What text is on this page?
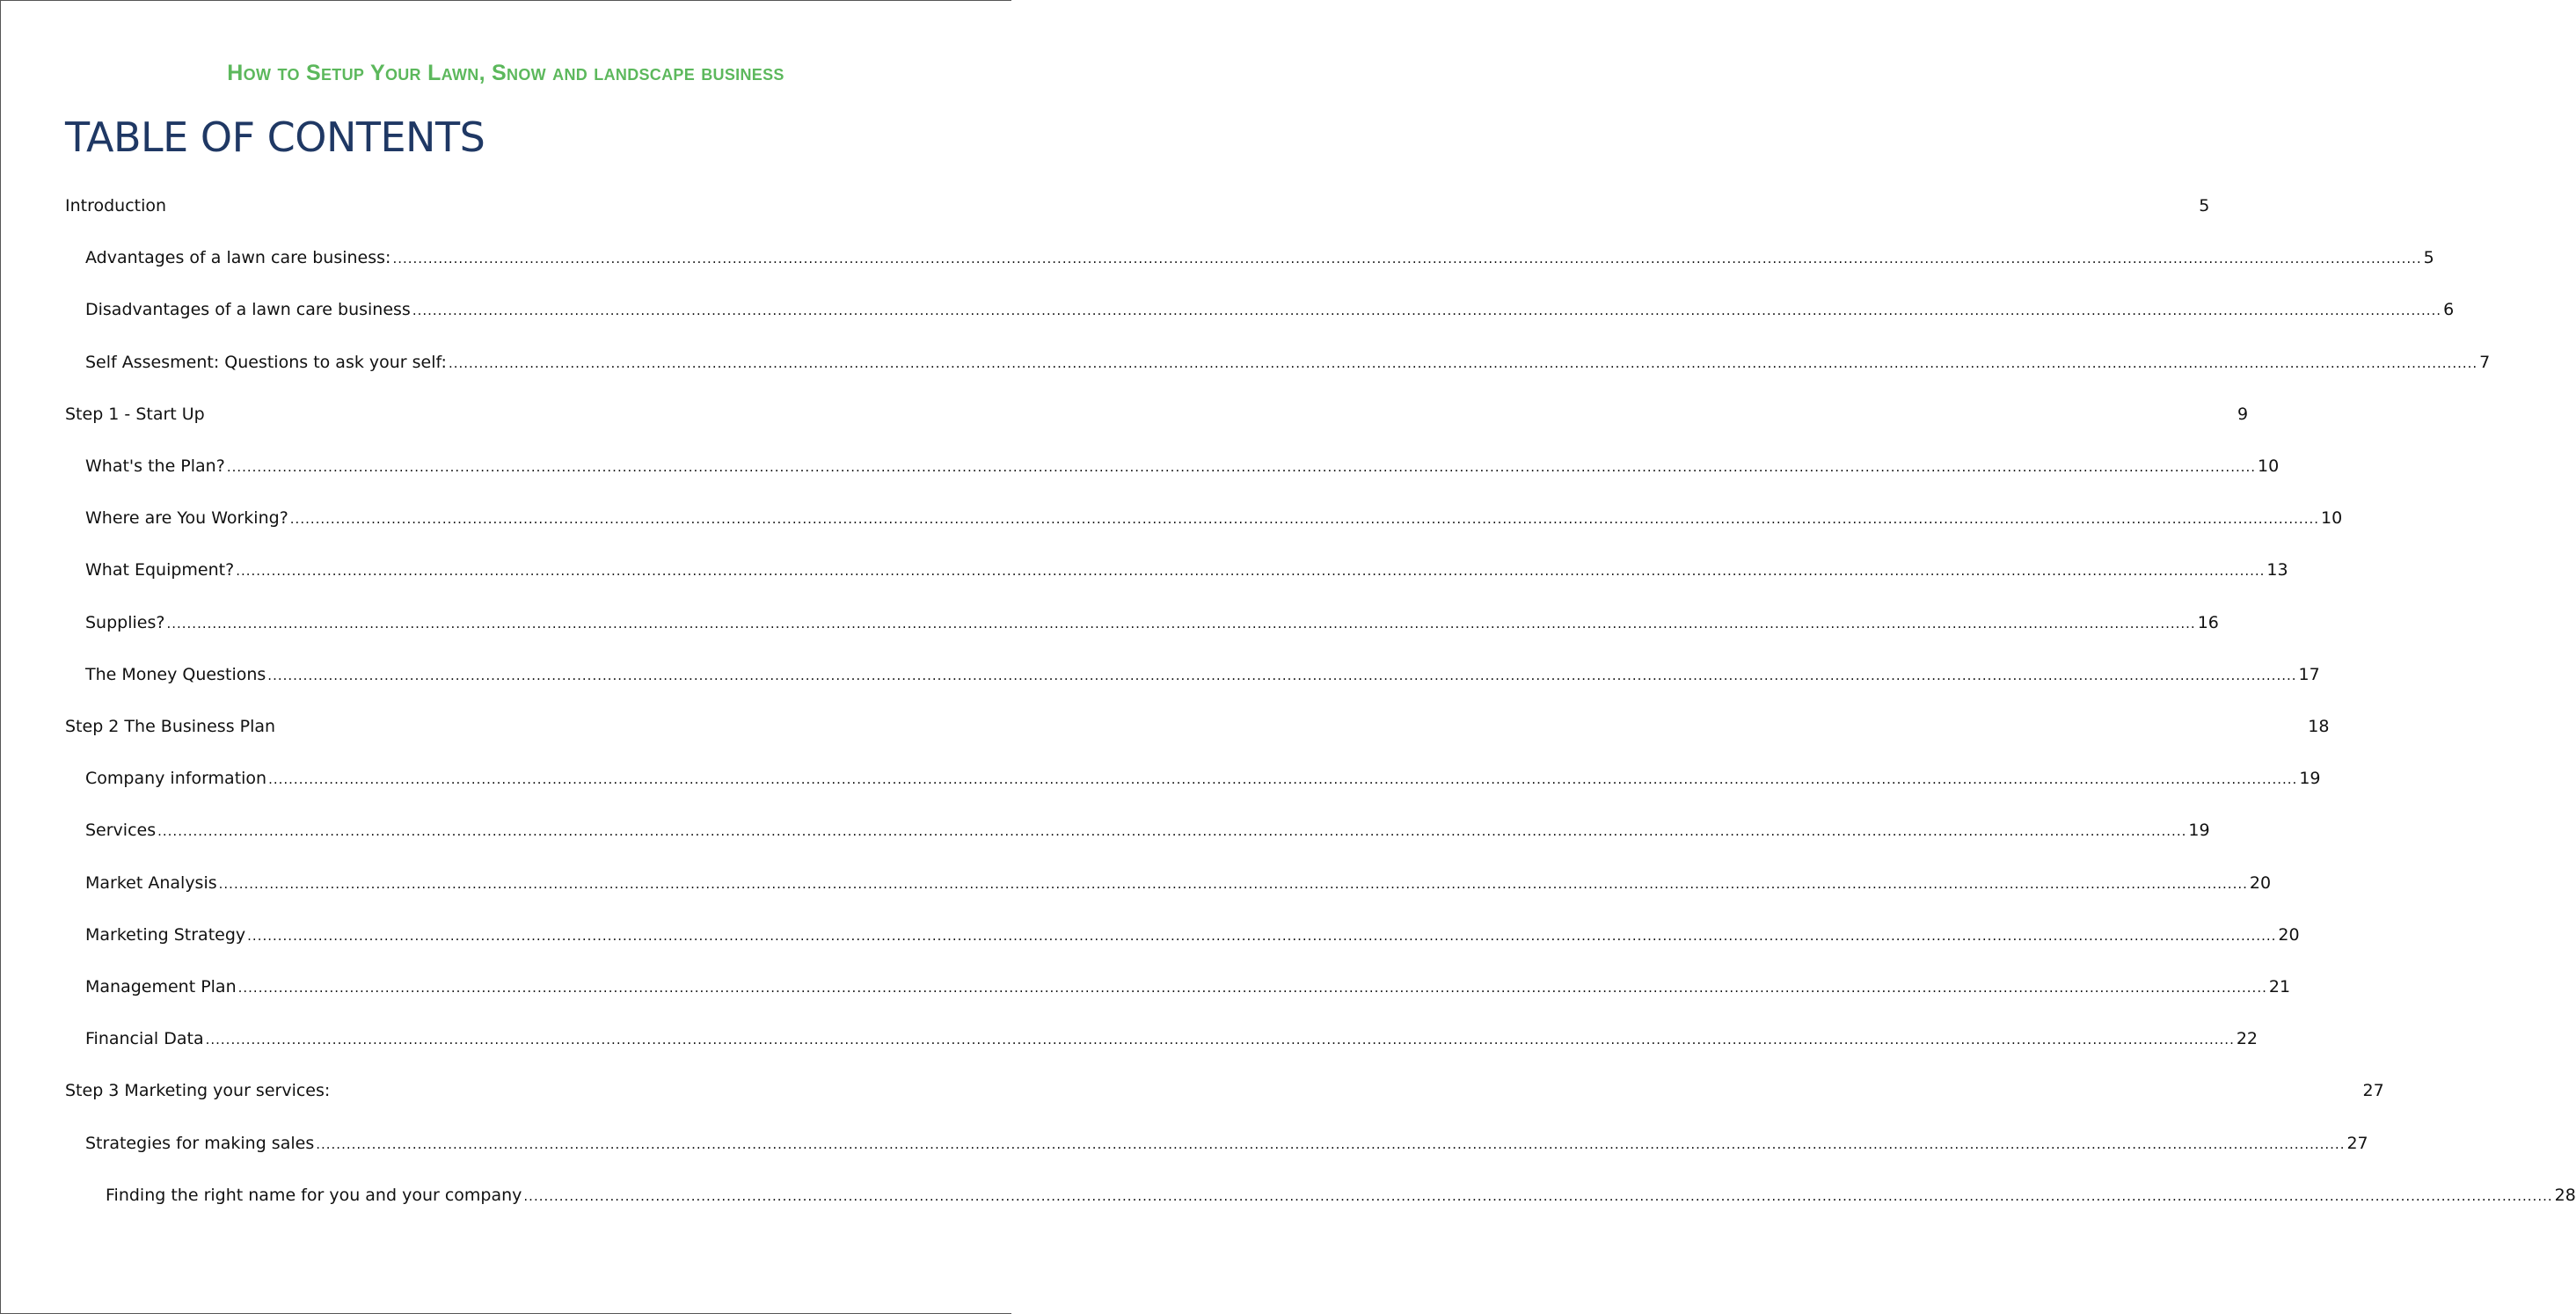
How to Setup Your Lawn, Snow and landscape business
TABLE OF CONTENTS
Introduction	5
Advantages of a lawn care business: ................................................................................................................................................................................................................................................................................................................................................................................................................ 5
Disadvantages of a lawn care business ................................................................................................................................................................................................................................................................................................................................................................................................................ 6
Self Assesment: Questions to ask your self: ................................................................................................................................................................................................................................................................................................................................................................................................................ 7
Step 1 - Start Up	9
What's the Plan? ................................................................................................................................................................................................................................................................................................................................................................................................................ 10
Where are You Working? ................................................................................................................................................................................................................................................................................................................................................................................................................ 10
What Equipment? ................................................................................................................................................................................................................................................................................................................................................................................................................ 13
Supplies? ................................................................................................................................................................................................................................................................................................................................................................................................................ 16
The Money Questions ................................................................................................................................................................................................................................................................................................................................................................................................................ 17
Step 2 The Business Plan	18
Company information ................................................................................................................................................................................................................................................................................................................................................................................................................ 19
Services ................................................................................................................................................................................................................................................................................................................................................................................................................ 19
Market Analysis ................................................................................................................................................................................................................................................................................................................................................................................................................ 20
Marketing Strategy ................................................................................................................................................................................................................................................................................................................................................................................................................ 20
Management Plan ................................................................................................................................................................................................................................................................................................................................................................................................................ 21
Financial Data ................................................................................................................................................................................................................................................................................................................................................................................................................ 22
Step 3 Marketing your services:	27
Strategies for making sales ................................................................................................................................................................................................................................................................................................................................................................................................................ 27
Finding the right name for you and your company ................................................................................................................................................................................................................................................................................................................................................................................................................ 28
